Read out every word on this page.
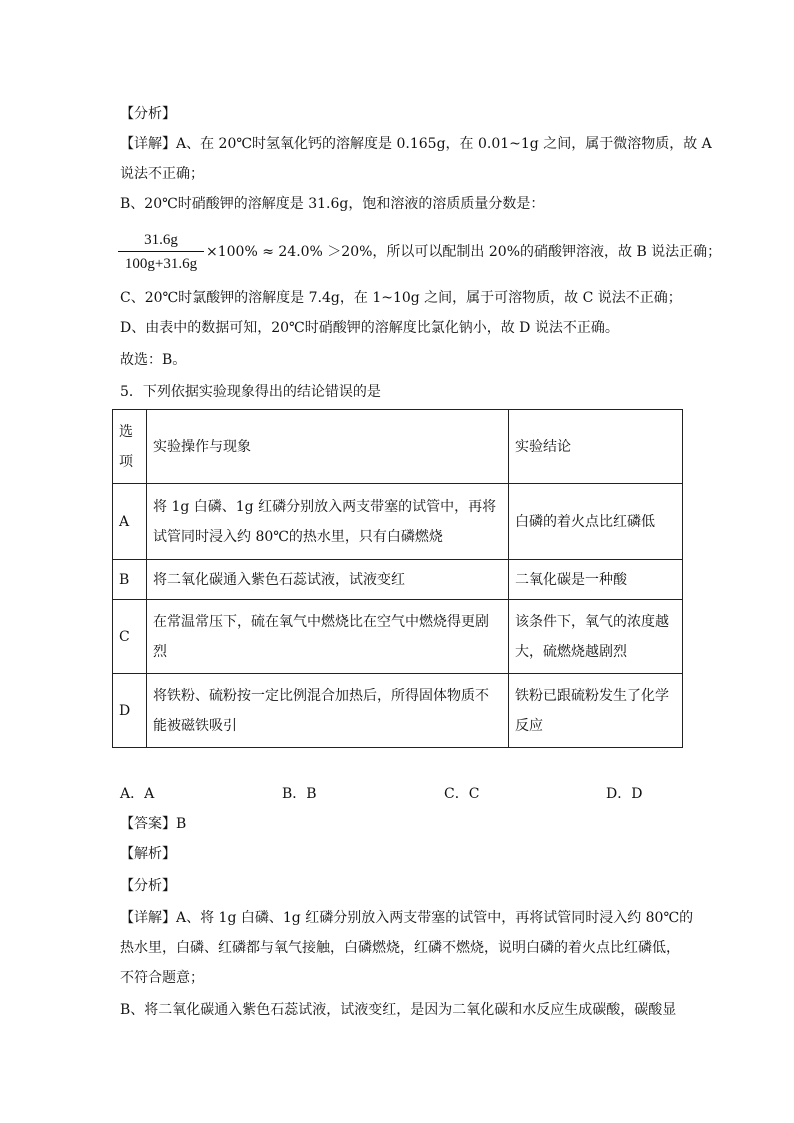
【分析】
【详解】A、在 20℃时氢氧化钙的溶解度是 0.165g，在 0.01~1g 之间，属于微溶物质，故 A
说法不正确；
B、20℃时硝酸钾的溶解度是 31.6g，饱和溶液的溶质质量分数是：
31.6g
100g+31.6g
×100% ≈ 24.0% ＞20%，所以可以配制出 20%的硝酸钾溶液，故 B 说法正确；
C、20℃时氯酸钾的溶解度是 7.4g，在 1~10g 之间，属于可溶物质，故 C 说法不正确；
D、由表中的数据可知，20℃时硝酸钾的溶解度比氯化钠小，故 D 说法不正确。
故选：B。
5．下列依据实验现象得出的结论错误的是
选项	实验操作与现象	实验结论
A	将 1g 白磷、1g 红磷分别放入两支带塞的试管中，再将试管同时浸入约 80℃的热水里，只有白磷燃烧	白磷的着火点比红磷低
B	将二氧化碳通入紫色石蕊试液，试液变红	二氧化碳是一种酸
C	在常温常压下，硫在氧气中燃烧比在空气中燃烧得更剧烈	该条件下，氧气的浓度越大，硫燃烧越剧烈
D	将铁粉、硫粉按一定比例混合加热后，所得固体物质不能被磁铁吸引	铁粉已跟硫粉发生了化学反应
A．A	B．B	C．C	D．D
【答案】B
【解析】
【分析】
【详解】A、将 1g 白磷、1g 红磷分别放入两支带塞的试管中，再将试管同时浸入约 80℃的
热水里，白磷、红磷都与氧气接触，白磷燃烧，红磷不燃烧，说明白磷的着火点比红磷低，
不符合题意；
B、将二氧化碳通入紫色石蕊试液，试液变红，是因为二氧化碳和水反应生成碳酸，碳酸显
